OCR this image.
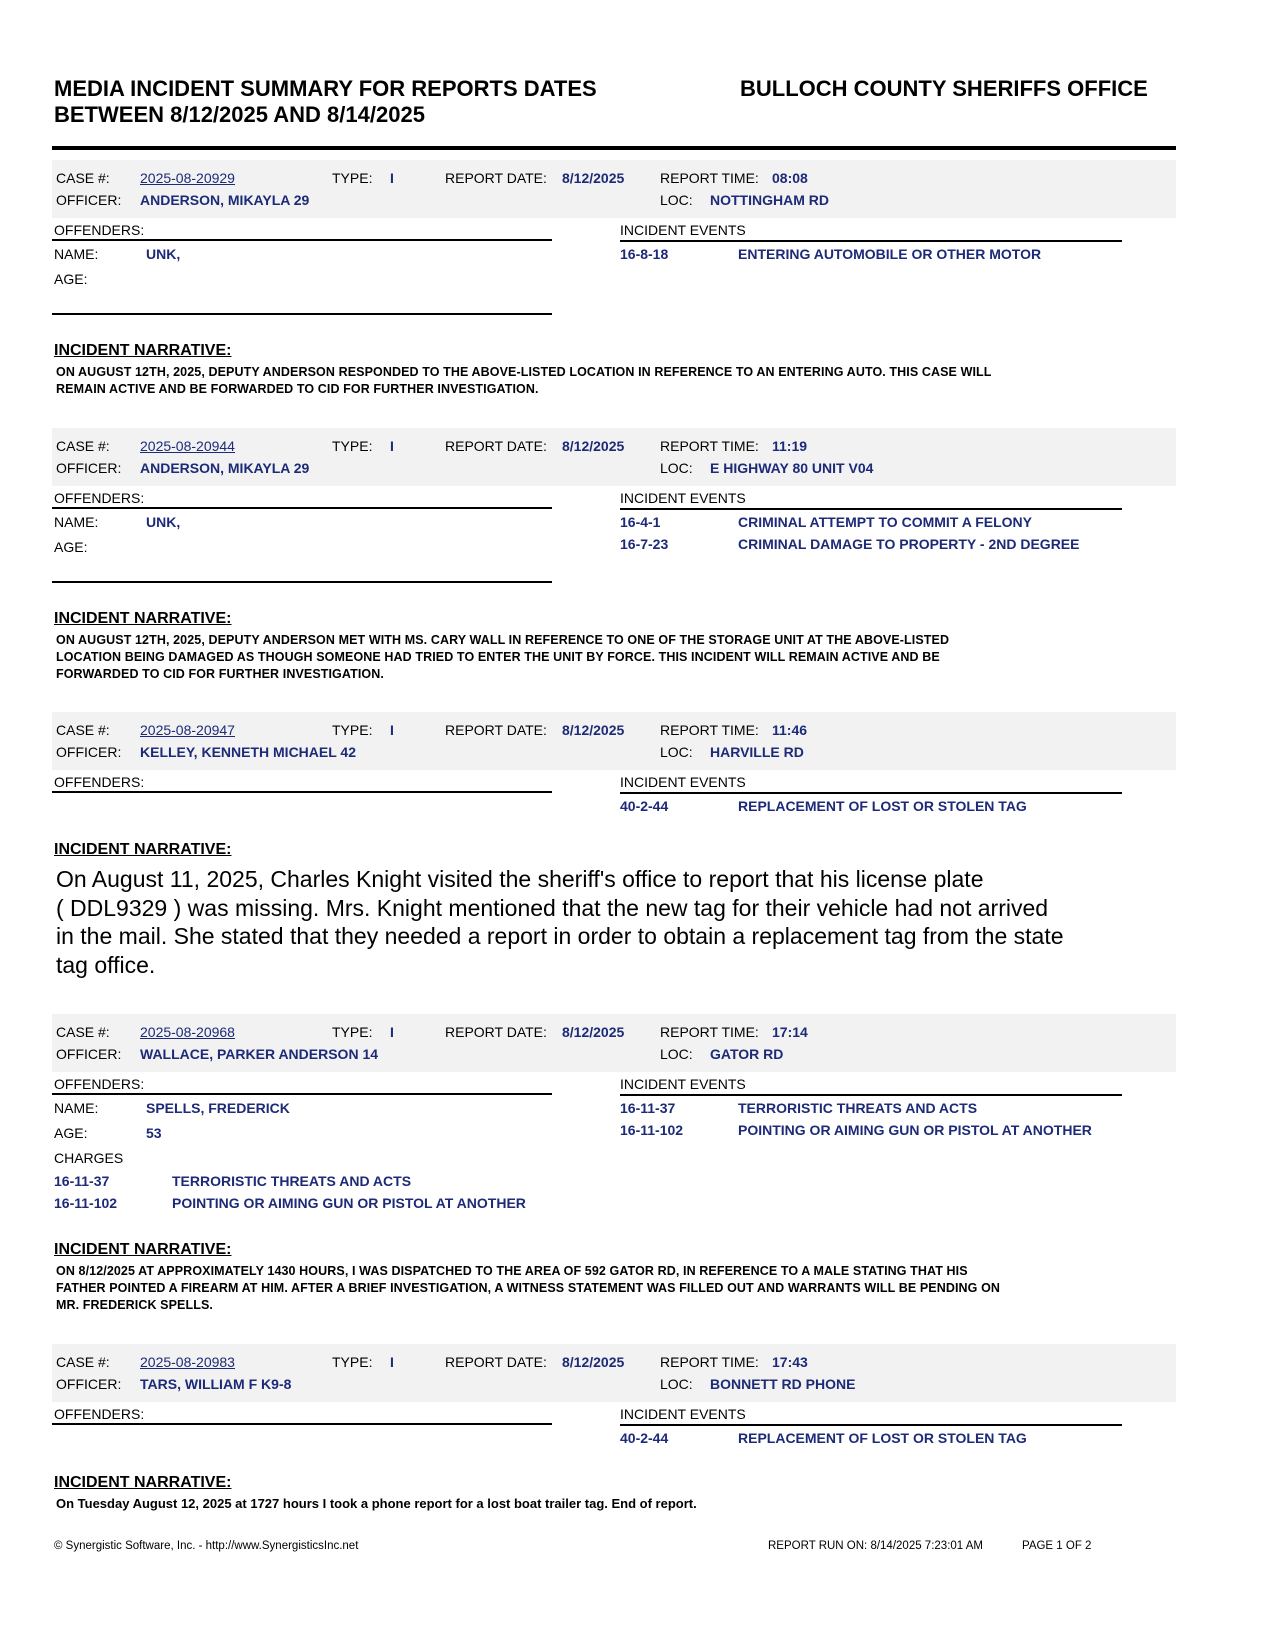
MEDIA INCIDENT SUMMARY FOR REPORTS DATES
BETWEEN 8/12/2025 AND 8/14/2025
BULLOCH COUNTY SHERIFFS OFFICE
CASE #: 2025-08-20929	TYPE: I	REPORT DATE: 8/12/2025	REPORT TIME: 08:08
OFFICER: ANDERSON, MIKAYLA 29	LOC: NOTTINGHAM RD
OFFENDERS:
NAME:	UNK,
AGE:
INCIDENT EVENTS
16-8-18	ENTERING AUTOMOBILE OR OTHER MOTOR
INCIDENT NARRATIVE:
ON AUGUST 12TH, 2025, DEPUTY ANDERSON RESPONDED TO THE ABOVE-LISTED LOCATION IN REFERENCE TO AN ENTERING AUTO. THIS CASE WILL
REMAIN ACTIVE AND BE FORWARDED TO CID FOR FURTHER INVESTIGATION.
CASE #: 2025-08-20944	TYPE: I	REPORT DATE: 8/12/2025	REPORT TIME: 11:19
OFFICER: ANDERSON, MIKAYLA 29	LOC: E HIGHWAY 80 UNIT V04
OFFENDERS:
NAME:	UNK,
AGE:
INCIDENT EVENTS
16-4-1	CRIMINAL ATTEMPT TO COMMIT A FELONY
16-7-23	CRIMINAL DAMAGE TO PROPERTY - 2ND DEGREE
INCIDENT NARRATIVE:
ON AUGUST 12TH, 2025, DEPUTY ANDERSON MET WITH MS. CARY WALL IN REFERENCE TO ONE OF THE STORAGE UNIT AT THE ABOVE-LISTED
LOCATION BEING DAMAGED AS THOUGH SOMEONE HAD TRIED TO ENTER THE UNIT BY FORCE. THIS INCIDENT WILL REMAIN ACTIVE AND BE
FORWARDED TO CID FOR FURTHER INVESTIGATION.
CASE #: 2025-08-20947	TYPE: I	REPORT DATE: 8/12/2025	REPORT TIME: 11:46
OFFICER: KELLEY, KENNETH MICHAEL 42	LOC: HARVILLE RD
OFFENDERS:	INCIDENT EVENTS
40-2-44	REPLACEMENT OF LOST OR STOLEN TAG
INCIDENT NARRATIVE:
On August 11, 2025, Charles Knight visited the sheriff's office to report that his license plate
( DDL9329 ) was missing. Mrs. Knight mentioned that the new tag for their vehicle had not arrived
in the mail. She stated that they needed a report in order to obtain a replacement tag from the state
tag office.
CASE #: 2025-08-20968	TYPE: I	REPORT DATE: 8/12/2025	REPORT TIME: 17:14
OFFICER: WALLACE, PARKER ANDERSON 14	LOC: GATOR RD
OFFENDERS:
NAME:	SPELLS, FREDERICK
AGE:	53
CHARGES
16-11-37	TERRORISTIC THREATS AND ACTS
16-11-102	POINTING OR AIMING GUN OR PISTOL AT ANOTHER
INCIDENT EVENTS
16-11-37	TERRORISTIC THREATS AND ACTS
16-11-102	POINTING OR AIMING GUN OR PISTOL AT ANOTHER
INCIDENT NARRATIVE:
ON 8/12/2025 AT APPROXIMATELY 1430 HOURS, I WAS DISPATCHED TO THE AREA OF 592 GATOR RD, IN REFERENCE TO A MALE STATING THAT HIS
FATHER POINTED A FIREARM AT HIM. AFTER A BRIEF INVESTIGATION, A WITNESS STATEMENT WAS FILLED OUT AND WARRANTS WILL BE PENDING ON
MR. FREDERICK SPELLS.
CASE #: 2025-08-20983	TYPE: I	REPORT DATE: 8/12/2025	REPORT TIME: 17:43
OFFICER: TARS, WILLIAM F K9-8	LOC: BONNETT RD PHONE
OFFENDERS:	INCIDENT EVENTS
40-2-44	REPLACEMENT OF LOST OR STOLEN TAG
INCIDENT NARRATIVE:
On Tuesday August 12, 2025 at 1727 hours I took a phone report for a lost boat trailer tag. End of report.
© Synergistic Software, Inc. - http://www.SynergisticsInc.net	REPORT RUN ON: 8/14/2025 7:23:01 AM	PAGE 1 OF 2
